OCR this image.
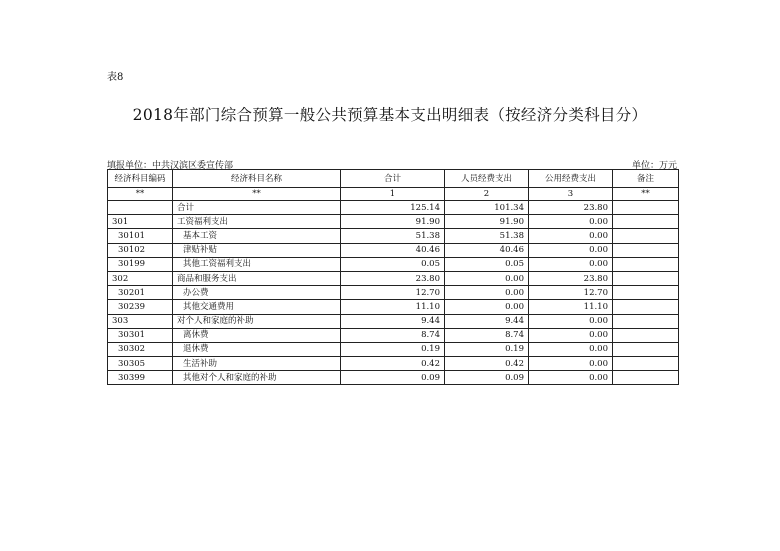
表8
2018年部门综合预算一般公共预算基本支出明细表（按经济分类科目分）
填报单位：中共汉滨区委宣传部	单位：万元
经济科目编码	经济科目名称	合计	人员经费支出	公用经费支出	备注
**	**	1	2	3	**
	合计	125.14	101.34	23.80	
301	工资福利支出	91.90	91.90	0.00	
30101	基本工资	51.38	51.38	0.00	
30102	津贴补贴	40.46	40.46	0.00	
30199	其他工资福利支出	0.05	0.05	0.00	
302	商品和服务支出	23.80	0.00	23.80	
30201	办公费	12.70	0.00	12.70	
30239	其他交通费用	11.10	0.00	11.10	
303	对个人和家庭的补助	9.44	9.44	0.00	
30301	离休费	8.74	8.74	0.00	
30302	退休费	0.19	0.19	0.00	
30305	生活补助	0.42	0.42	0.00	
30399	其他对个人和家庭的补助	0.09	0.09	0.00	
